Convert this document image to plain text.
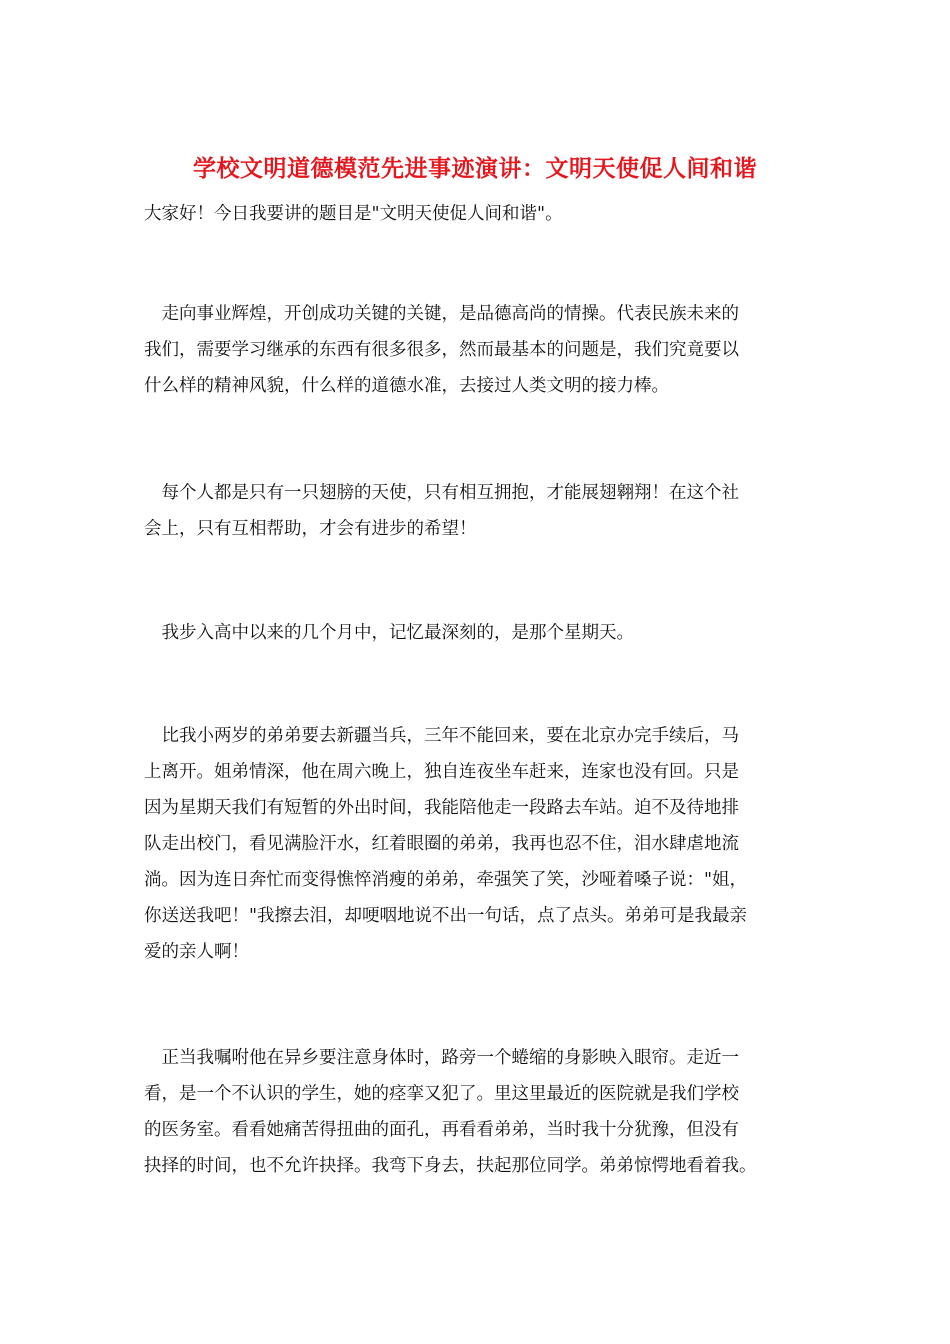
学校文明道德模范先进事迹演讲：文明天使促人间和谐
大家好！今日我要讲的题目是"文明天使促人间和谐"。
　走向事业辉煌，开创成功关键的关键，是品德高尚的情操。代表民族未来的
我们，需要学习继承的东西有很多很多，然而最基本的问题是，我们究竟要以
什么样的精神风貌，什么样的道德水准，去接过人类文明的接力棒。
　每个人都是只有一只翅膀的天使，只有相互拥抱，才能展翅翱翔！在这个社
会上，只有互相帮助，才会有进步的希望！
　我步入高中以来的几个月中，记忆最深刻的，是那个星期天。
　比我小两岁的弟弟要去新疆当兵，三年不能回来，要在北京办完手续后，马
上离开。姐弟情深，他在周六晚上，独自连夜坐车赶来，连家也没有回。只是
因为星期天我们有短暂的外出时间，我能陪他走一段路去车站。迫不及待地排
队走出校门，看见满脸汗水，红着眼圈的弟弟，我再也忍不住，泪水肆虐地流
淌。因为连日奔忙而变得憔悴消瘦的弟弟，牵强笑了笑，沙哑着嗓子说："姐，
你送送我吧！"我擦去泪，却哽咽地说不出一句话，点了点头。弟弟可是我最亲
爱的亲人啊！
　正当我嘱咐他在异乡要注意身体时，路旁一个蜷缩的身影映入眼帘。走近一
看，是一个不认识的学生，她的痉挛又犯了。里这里最近的医院就是我们学校
的医务室。看看她痛苦得扭曲的面孔，再看看弟弟，当时我十分犹豫，但没有
抉择的时间，也不允许抉择。我弯下身去，扶起那位同学。弟弟惊愕地看着我。
